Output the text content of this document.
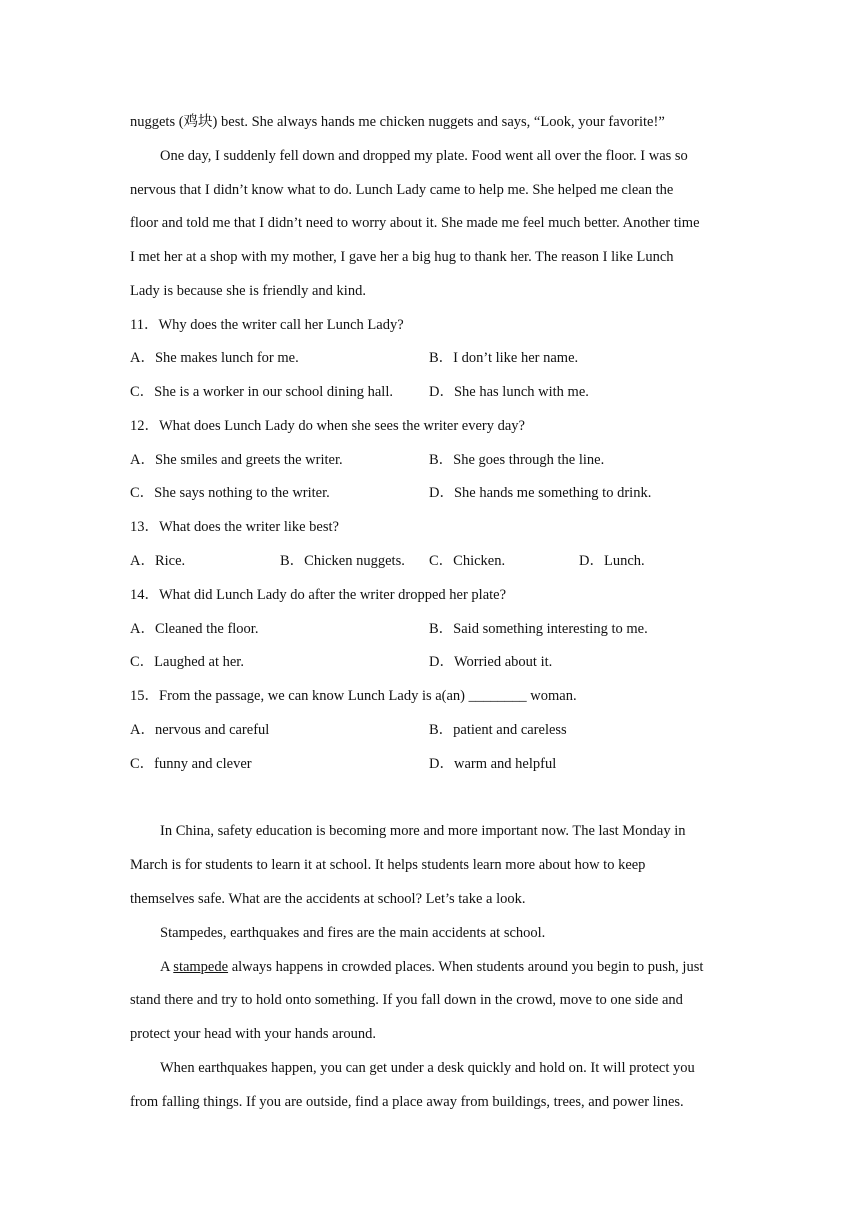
nuggets (鸡块) best. She always hands me chicken nuggets and says, “Look, your favorite!”
One day, I suddenly fell down and dropped my plate. Food went all over the floor. I was so
nervous that I didn’t know what to do. Lunch Lady came to help me. She helped me clean the
floor and told me that I didn’t need to worry about it. She made me feel much better. Another time
I met her at a shop with my mother, I gave her a big hug to thank her. The reason I like Lunch
Lady is because she is friendly and kind.
11．Why does the writer call her Lunch Lady?
A．She makes lunch for me.	B．I don’t like her name.
C．She is a worker in our school dining hall. D．She has lunch with me.
12．What does Lunch Lady do when she sees the writer every day?
A．She smiles and greets the writer.	B．She goes through the line.
C．She says nothing to the writer.	D．She hands me something to drink.
13．What does the writer like best?
A．Rice.	B．Chicken nuggets. C．Chicken.	D．Lunch.
14．What did Lunch Lady do after the writer dropped her plate?
A．Cleaned the floor.	B．Said something interesting to me.
C．Laughed at her.	D．Worried about it.
15．From the passage, we can know Lunch Lady is a(an) ________ woman.
A．nervous and careful	B．patient and careless
C．funny and clever	D．warm and helpful
In China, safety education is becoming more and more important now. The last Monday in
March is for students to learn it at school. It helps students learn more about how to keep
themselves safe. What are the accidents at school? Let’s take a look.
Stampedes, earthquakes and fires are the main accidents at school.
A stampede always happens in crowded places. When students around you begin to push, just
stand there and try to hold onto something. If you fall down in the crowd, move to one side and
protect your head with your hands around.
When earthquakes happen, you can get under a desk quickly and hold on. It will protect you
from falling things. If you are outside, find a place away from buildings, trees, and power lines.
